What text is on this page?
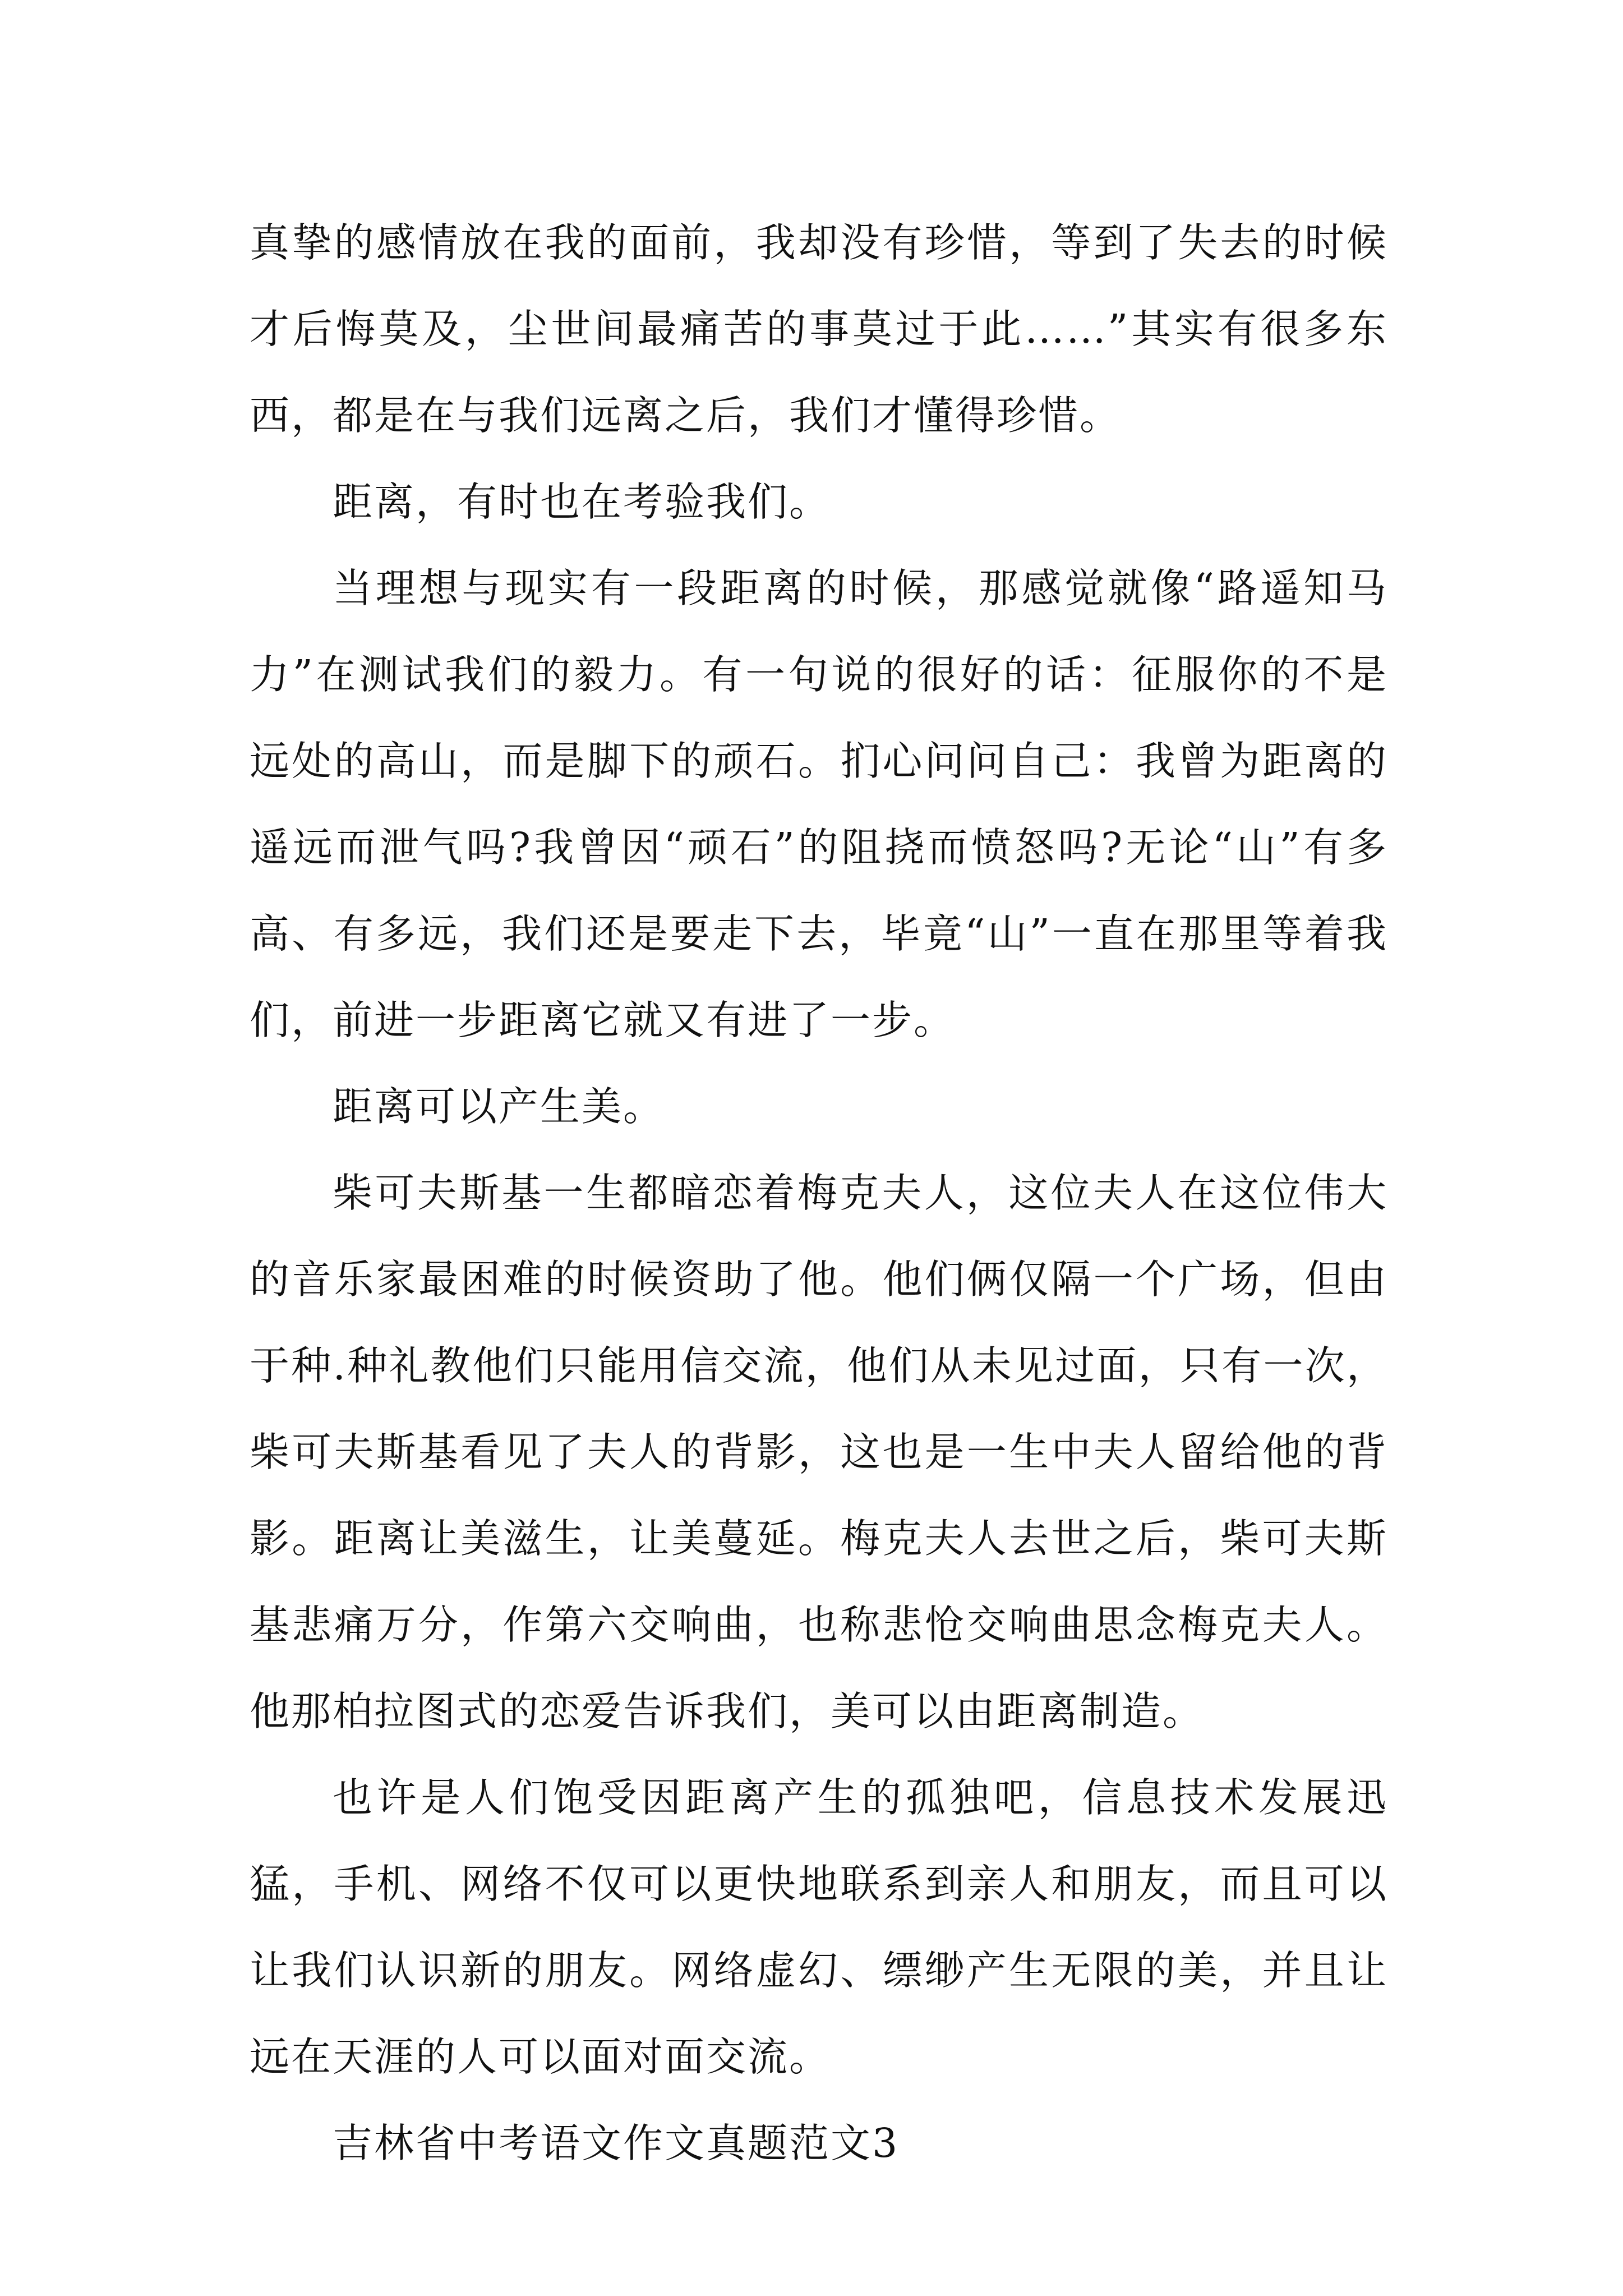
真挚的感情放在我的面前，我却没有珍惜，等到了失去的时候才后悔莫及，尘世间最痛苦的事莫过于此……”其实有很多东西，都是在与我们远离之后，我们才懂得珍惜。

距离，有时也在考验我们。

当理想与现实有一段距离的时候，那感觉就像“路遥知马力”在测试我们的毅力。有一句说的很好的话：征服你的不是远处的高山，而是脚下的顽石。扪心问问自己：我曾为距离的遥远而泄气吗?我曾因“顽石”的阻挠而愤怒吗?无论“山”有多高、有多远，我们还是要走下去，毕竟“山”一直在那里等着我们，前进一步距离它就又有进了一步。

距离可以产生美。

柴可夫斯基一生都暗恋着梅克夫人，这位夫人在这位伟大的音乐家最困难的时候资助了他。他们俩仅隔一个广场，但由于种.种礼教他们只能用信交流，他们从未见过面，只有一次，柴可夫斯基看见了夫人的背影，这也是一生中夫人留给他的背影。距离让美滋生，让美蔓延。梅克夫人去世之后，柴可夫斯基悲痛万分，作第六交响曲，也称悲怆交响曲思念梅克夫人。他那柏拉图式的恋爱告诉我们，美可以由距离制造。

也许是人们饱受因距离产生的孤独吧，信息技术发展迅猛，手机、网络不仅可以更快地联系到亲人和朋友，而且可以让我们认识新的朋友。网络虚幻、缥缈产生无限的美，并且让远在天涯的人可以面对面交流。

吉林省中考语文作文真题范文3
